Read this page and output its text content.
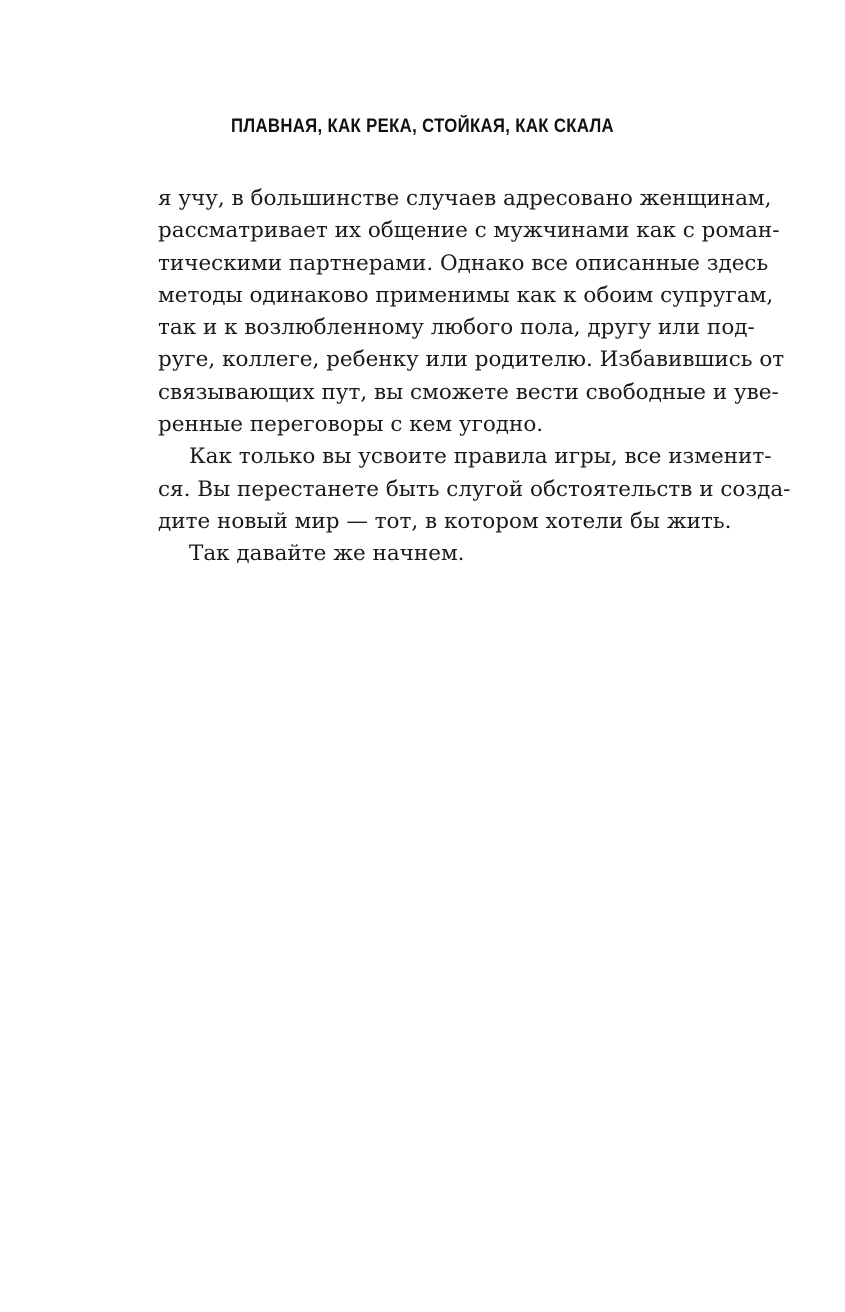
ПЛАВНАЯ, КАК РЕКА, СТОЙКАЯ, КАК СКАЛА
я учу, в большинстве случаев адресовано женщинам,
рассматривает их общение с мужчинами как с роман-
тическими партнерами. Однако все описанные здесь
методы одинаково применимы как к обоим супругам,
так и к возлюбленному любого пола, другу или под-
руге, коллеге, ребенку или родителю. Избавившись от
связывающих пут, вы сможете вести свободные и уве-
ренные переговоры с кем угодно.
Как только вы усвоите правила игры, все изменит-
ся. Вы перестанете быть слугой обстоятельств и созда-
дите новый мир — тот, в котором хотели бы жить.
Так давайте же начнем.
